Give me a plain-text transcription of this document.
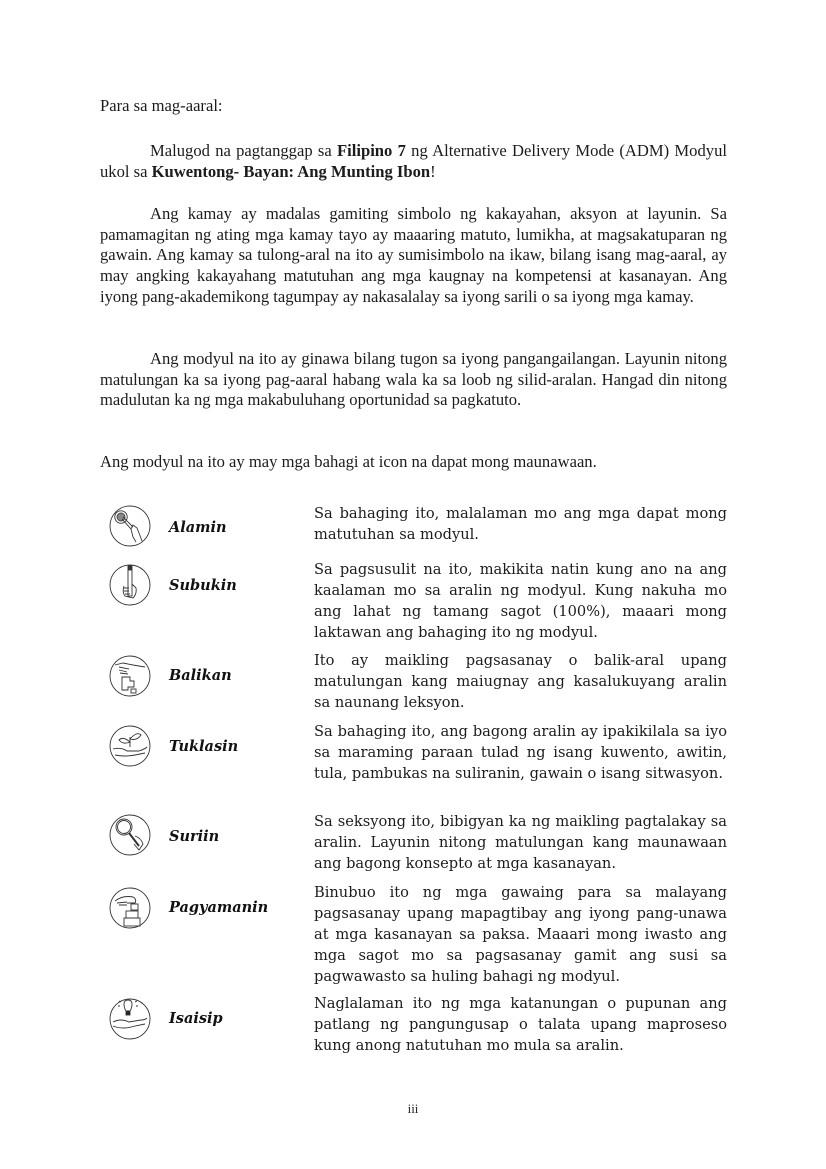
Para sa mag-aaral:

Malugod na pagtanggap sa Filipino 7 ng Alternative Delivery Mode (ADM) Modyul ukol sa Kuwentong- Bayan: Ang Munting Ibon!

Ang kamay ay madalas gamiting simbolo ng kakayahan, aksyon at layunin. Sa pamamagitan ng ating mga kamay tayo ay maaaring matuto, lumikha, at magsakatuparan ng gawain. Ang kamay sa tulong-aral na ito ay sumisimbolo na ikaw, bilang isang mag-aaral, ay may angking kakayahang matutuhan ang mga kaugnay na kompetensi at kasanayan. Ang iyong pang-akademikong tagumpay ay nakasalalay sa iyong sarili o sa iyong mga kamay.

Ang modyul na ito ay ginawa bilang tugon sa iyong pangangailangan. Layunin nitong matulungan ka sa iyong pag-aaral habang wala ka sa loob ng silid-aralan. Hangad din nitong madulutan ka ng mga makabuluhang oportunidad sa pagkatuto.

Ang modyul na ito ay may mga bahagi at icon na dapat mong maunawaan.

Alamin
Sa bahaging ito, malalaman mo ang mga dapat mong matutuhan sa modyul.
Subukin
Sa pagsusulit na ito, makikita natin kung ano na ang kaalaman mo sa aralin ng modyul. Kung nakuha mo ang lahat ng tamang sagot (100%), maaari mong laktawan ang bahaging ito ng modyul.
Balikan
Ito ay maikling pagsasanay o balik-aral upang matulungan kang maiugnay ang kasalukuyang aralin sa naunang leksyon.
Tuklasin
Sa bahaging ito, ang bagong aralin ay ipakikilala sa iyo sa maraming paraan tulad ng isang kuwento, awitin, tula, pambukas na suliranin, gawain o isang sitwasyon.
Suriin
Sa seksyong ito, bibigyan ka ng maikling pagtalakay sa aralin. Layunin nitong matulungan kang maunawaan ang bagong konsepto at mga kasanayan.
Pagyamanin
Binubuo ito ng mga gawaing para sa malayang pagsasanay upang mapagtibay ang iyong pang-unawa at mga kasanayan sa paksa. Maaari mong iwasto ang mga sagot mo sa pagsasanay gamit ang susi sa pagwawasto sa huling bahagi ng modyul.
Isaisip
Naglalaman ito ng mga katanungan o pupunan ang patlang ng pangungusap o talata upang maproseso kung anong natutuhan mo mula sa aralin.
iii
